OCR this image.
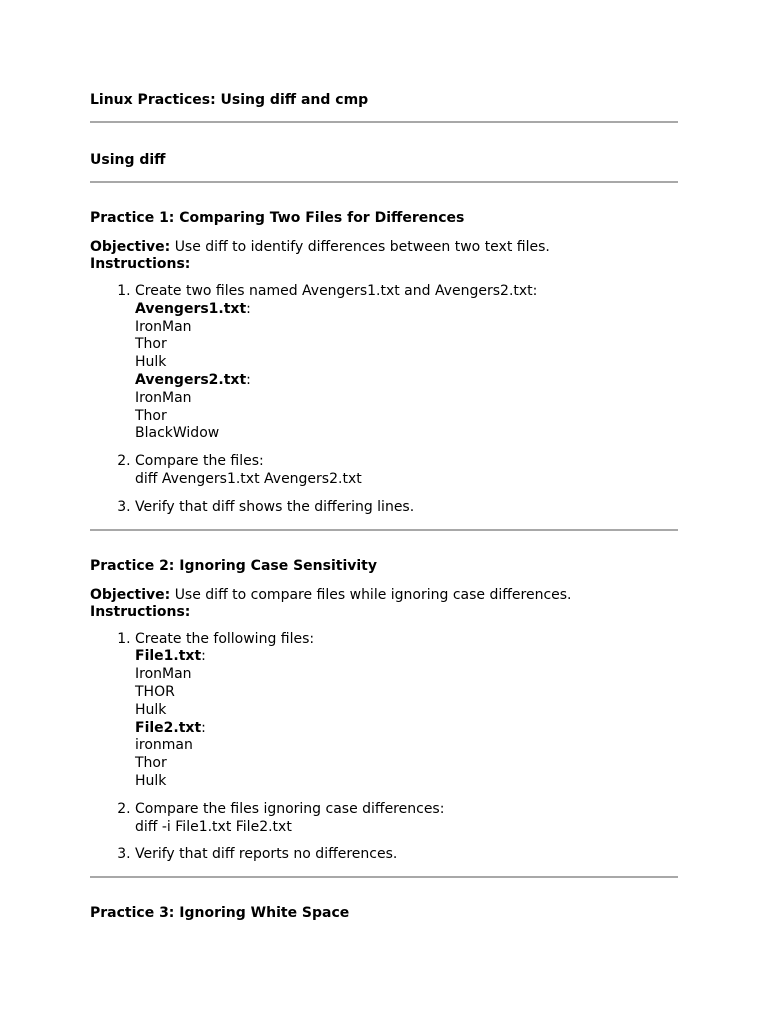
Linux Practices: Using diff and cmp
Using diff
Practice 1: Comparing Two Files for Differences
Objective: Use diff to identify differences between two text files.
Instructions:
1. Create two files named Avengers1.txt and Avengers2.txt:
Avengers1.txt:
IronMan
Thor
Hulk
Avengers2.txt:
IronMan
Thor
BlackWidow
2. Compare the files:
diff Avengers1.txt Avengers2.txt
3. Verify that diff shows the differing lines.
Practice 2: Ignoring Case Sensitivity
Objective: Use diff to compare files while ignoring case differences.
Instructions:
1. Create the following files:
File1.txt:
IronMan
THOR
Hulk
File2.txt:
ironman
Thor
Hulk
2. Compare the files ignoring case differences:
diff -i File1.txt File2.txt
3. Verify that diff reports no differences.
Practice 3: Ignoring White Space
